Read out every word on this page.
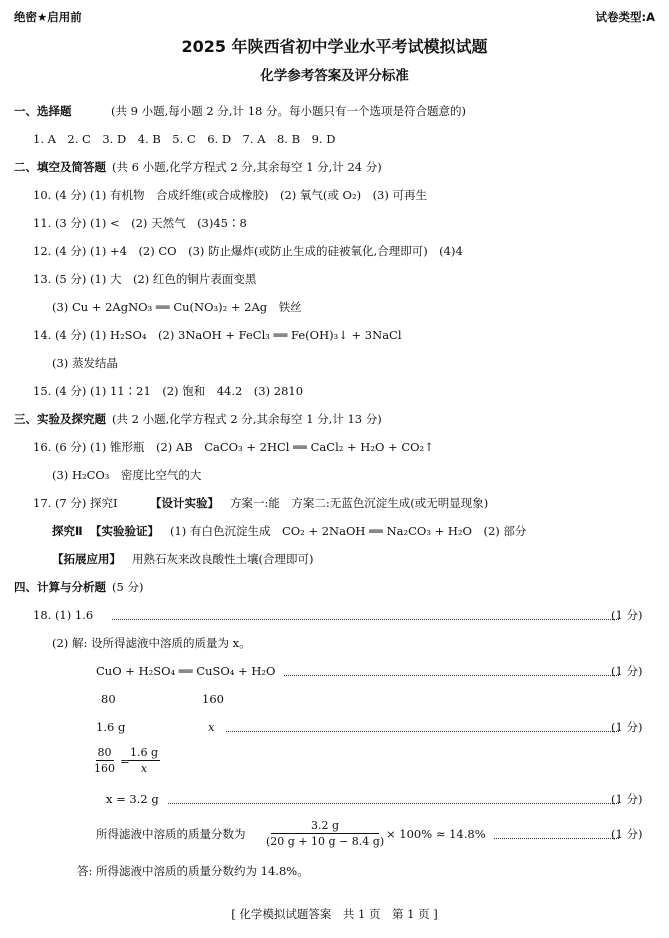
绝密★启用前	试卷类型:A
2025 年陕西省初中学业水平考试模拟试题
化学参考答案及评分标准
一、选择题	(共 9 小题,每小题 2 分,计 18 分。每小题只有一个选项是符合题意的)
1. A　2. C　3. D　4. B　5. C　6. D　7. A　8. B　9. D
二、填空及简答题 (共 6 小题,化学方程式 2 分,其余每空 1 分,计 24 分)
10. (4 分) (1) 有机物　合成纤维(或合成橡胶)　(2) 氧气(或 O₂)　(3) 可再生
11. (3 分) (1) <　(2) 天然气　(3)45∶8
12. (4 分) (1) +4　(2) CO　(3) 防止爆炸(或防止生成的硅被氧化,合理即可)　(4)4
13. (5 分) (1) 大　(2) 红色的铜片表面变黑
(3) Cu + 2AgNO₃ ══ Cu(NO₃)₂ + 2Ag　铁丝
14. (4 分) (1) H₂SO₄　(2) 3NaOH + FeCl₃ ══ Fe(OH)₃↓ + 3NaCl
(3) 蒸发结晶
15. (4 分) (1) 11∶21　(2) 饱和　44.2　(3) 2810
三、实验及探究题 (共 2 小题,化学方程式 2 分,其余每空 1 分,计 13 分)
16. (6 分) (1) 锥形瓶　(2) AB　CaCO₃ + 2HCl ══ CaCl₂ + H₂O + CO₂↑
(3) H₂CO₃　密度比空气的大
17. (7 分) 探究Ⅰ	【设计实验】 方案一:能　方案二:无蓝色沉淀生成(或无明显现象)
探究Ⅱ 【实验验证】 (1) 有白色沉淀生成　CO₂ + 2NaOH ══ Na₂CO₃ + H₂O　(2) 部分
【拓展应用】 用熟石灰来改良酸性土壤(合理即可)
四、计算与分析题 (5 分)
18. (1) 1.6	(1 分)
(2) 解: 设所得滤液中溶质的质量为 x。
CuO + H₂SO₄ ══ CuSO₄ + H₂O	(1 分)
80	160
1.6 g	x	(1 分)
$\frac{80}{160}$ =
$\frac{1.6 g}{x}$
x = 3.2 g	(1 分)
所得滤液中溶质的质量分数为	× 100% ≈ 14.8%	(1 分)
$\frac{3.2 g}{(20 g + 10 g - 8.4 g)}$
答: 所得滤液中溶质的质量分数约为 14.8%。
[ 化学模拟试题答案　共 1 页　第 1 页 ]
